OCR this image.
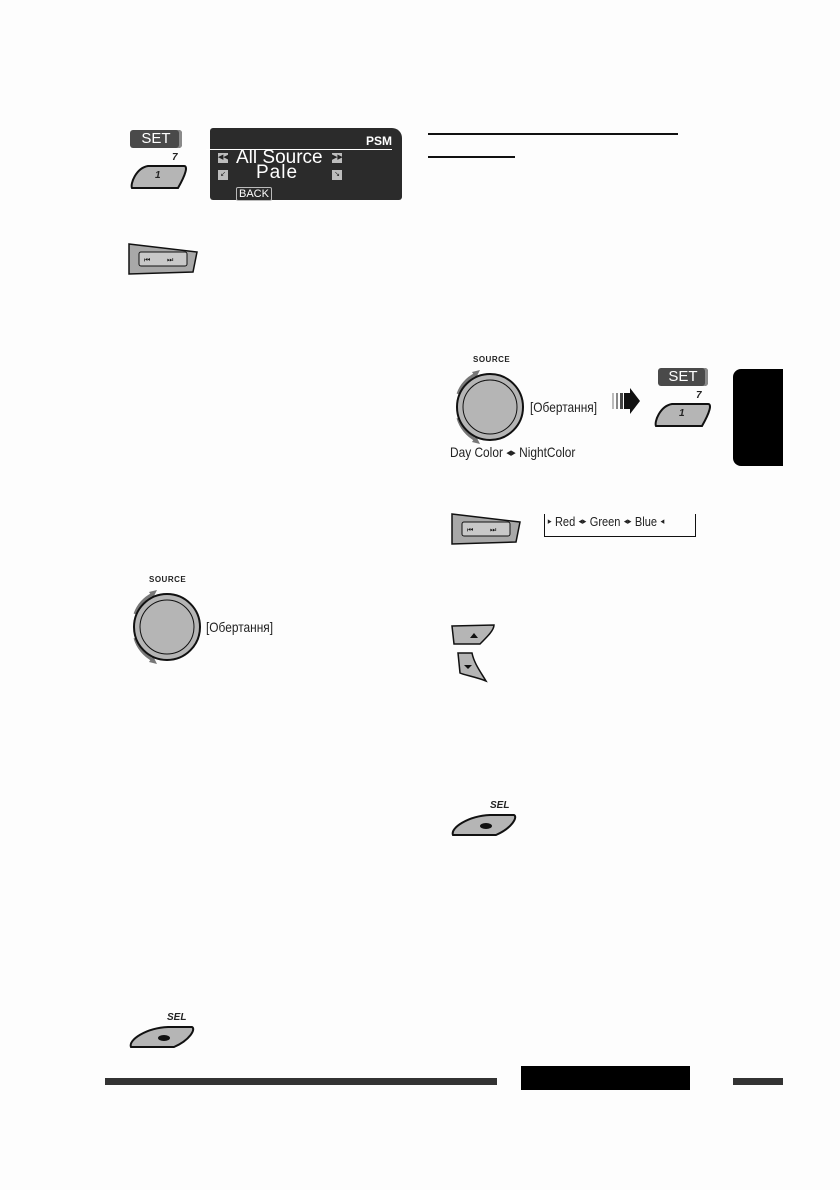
SET
7
1
PSM
◀◀ All Source ▶▶
↙ Pale	↘
BACK
⏮ ⏭
SOURCE
[Обертання]
SEL
SOURCE
[Обертання]
Day Color ◂▸ NightColor
SET
7
1
⏮ ⏭
▸ Red ◂▸ Green ◂▸ Blue ◂
SEL
